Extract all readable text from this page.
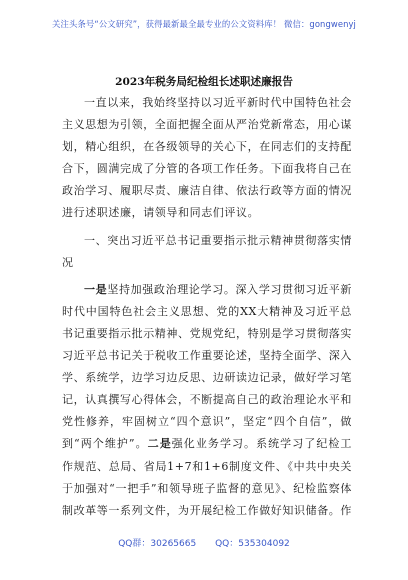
关注头条号“公文研究”，获得最新最全最专业的公文资料库！ 微信：gongwenyj
2023年税务局纪检组长述职述廉报告

一直以来，我始终坚持以习近平新时代中国特色社会主义思想为引领，全面把握全面从严治党新常态，用心谋划，精心组织，在各级领导的关心下，在同志们的支持配合下，圆满完成了分管的各项工作任务。下面我将自己在政治学习、履职尽责、廉洁自律、依法行政等方面的情况进行述职述廉，请领导和同志们评议。

一、突出习近平总书记重要指示批示精神贯彻落实情况

一是坚持加强政治理论学习。深入学习贯彻习近平新时代中国特色社会主义思想、党的XX大精神及习近平总书记重要指示批示精神、党规党纪，特别是学习贯彻落实习近平总书记关于税收工作重要论述，坚持全面学、深入学、系统学，边学习边反思、边研读边记录，做好学习笔记，认真撰写心得体会，不断提高自己的政治理论水平和党性修养，牢固树立“四个意识”，坚定“四个自信”，做到“两个维护”。二是强化业务学习。系统学习了纪检工作规范、总局、省局1+7和1+6制度文件、《中共中央关于加强对“一把手”和领导班子监督的意见》、纪检监察体制改革等一系列文件，为开展纪检工作做好知识储备。作

QQ群：30265665 QQ：535304092
